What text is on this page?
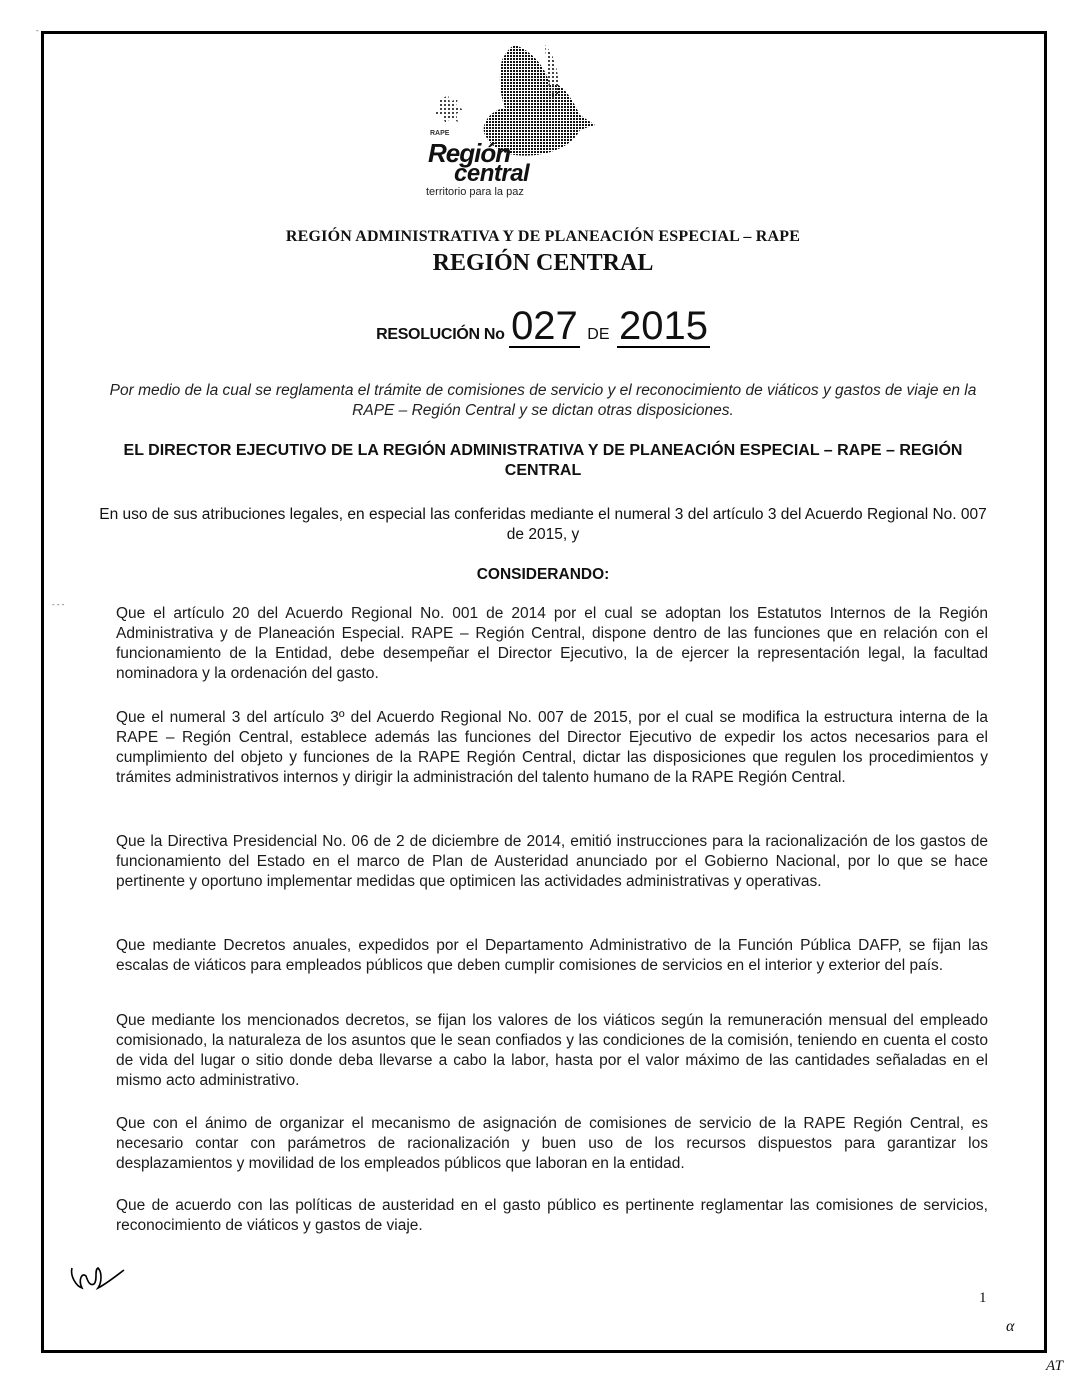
RAPE
Región
central
territorio para la paz
REGIÓN ADMINISTRATIVA Y DE PLANEACIÓN ESPECIAL – RAPE
REGIÓN CENTRAL
RESOLUCIÓN No 027 DE 2015
Por medio de la cual se reglamenta el trámite de comisiones de servicio y el reconocimiento de viáticos y gastos de viaje en la RAPE – Región Central y se dictan otras disposiciones.
EL DIRECTOR EJECUTIVO DE LA REGIÓN ADMINISTRATIVA Y DE PLANEACIÓN ESPECIAL – RAPE – REGIÓN CENTRAL
En uso de sus atribuciones legales, en especial las conferidas mediante el numeral 3 del artículo 3 del Acuerdo Regional No. 007 de 2015, y
CONSIDERANDO:
Que el artículo 20 del Acuerdo Regional No. 001 de 2014 por el cual se adoptan los Estatutos Internos de la Región Administrativa y de Planeación Especial. RAPE – Región Central, dispone dentro de las funciones que en relación con el funcionamiento de la Entidad, debe desempeñar el Director Ejecutivo, la de ejercer la representación legal, la facultad nominadora y la ordenación del gasto.
Que el numeral 3 del artículo 3º del Acuerdo Regional No. 007 de 2015, por el cual se modifica la estructura interna de la RAPE – Región Central, establece además las funciones del Director Ejecutivo de expedir los actos necesarios para el cumplimiento del objeto y funciones de la RAPE Región Central, dictar las disposiciones que regulen los procedimientos y trámites administrativos internos y dirigir la administración del talento humano de la RAPE Región Central.
Que la Directiva Presidencial No. 06 de 2 de diciembre de 2014, emitió instrucciones para la racionalización de los gastos de funcionamiento del Estado en el marco de Plan de Austeridad anunciado por el Gobierno Nacional, por lo que se hace pertinente y oportuno implementar medidas que optimicen las actividades administrativas y operativas.
Que mediante Decretos anuales, expedidos por el Departamento Administrativo de la Función Pública DAFP, se fijan las escalas de viáticos para empleados públicos que deben cumplir comisiones de servicios en el interior y exterior del país.
Que mediante los mencionados decretos, se fijan los valores de los viáticos según la remuneración mensual del empleado comisionado, la naturaleza de los asuntos que le sean confiados y las condiciones de la comisión, teniendo en cuenta el costo de vida del lugar o sitio donde deba llevarse a cabo la labor, hasta por el valor máximo de las cantidades señaladas en el mismo acto administrativo.
Que con el ánimo de organizar el mecanismo de asignación de comisiones de servicio de la RAPE Región Central, es necesario contar con parámetros de racionalización y buen uso de los recursos dispuestos para garantizar los desplazamientos y movilidad de los empleados públicos que laboran en la entidad.
Que de acuerdo con las políticas de austeridad en el gasto público es pertinente reglamentar las comisiones de servicios, reconocimiento de viáticos y gastos de viaje.
- - -
-
1
α
AT
